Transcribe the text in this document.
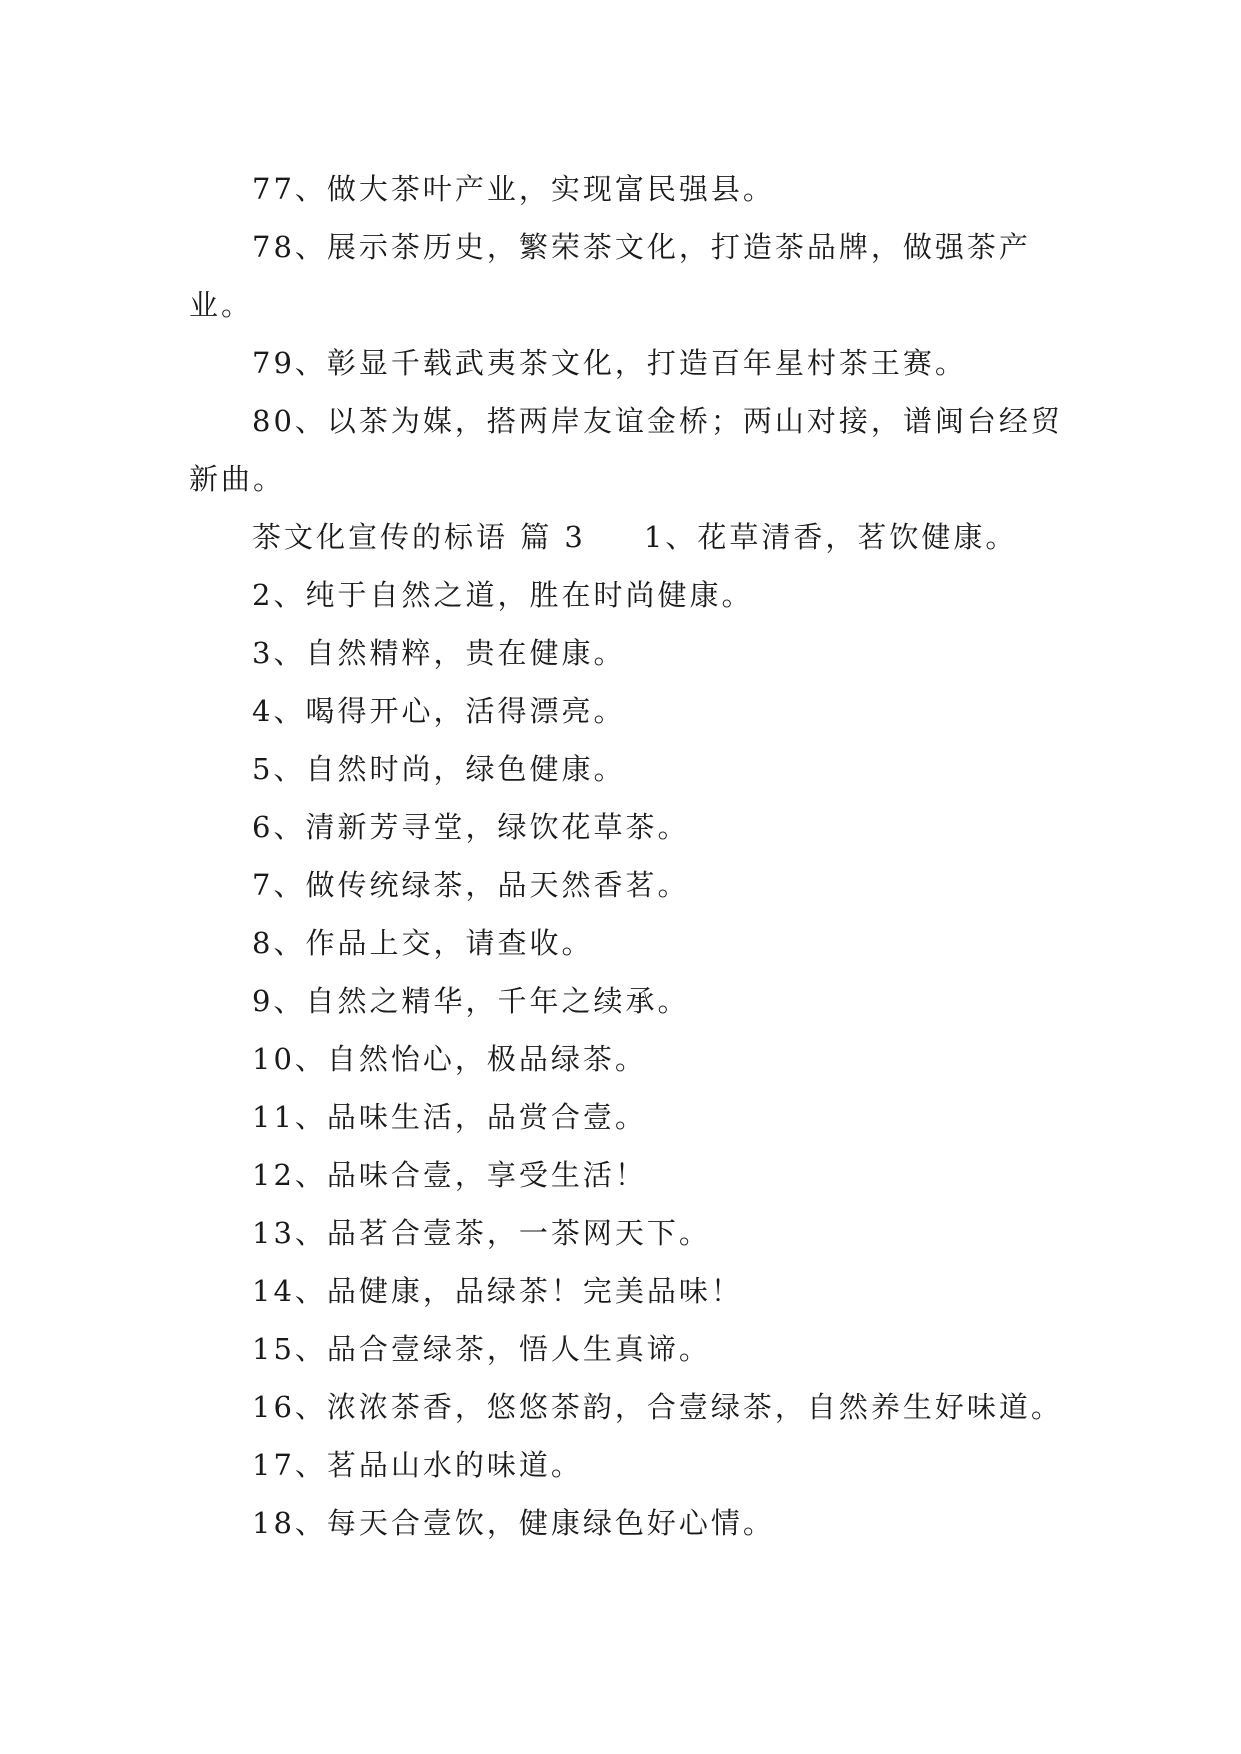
77、做大茶叶产业，实现富民强县。

78、展示茶历史，繁荣茶文化，打造茶品牌，做强茶产业。

79、彰显千载武夷茶文化，打造百年星村茶王赛。

80、以茶为媒，搭两岸友谊金桥；两山对接，谱闽台经贸新曲。

茶文化宣传的标语 篇 3 1、花草清香，茗饮健康。

2、纯于自然之道，胜在时尚健康。

3、自然精粹，贵在健康。

4、喝得开心，活得漂亮。

5、自然时尚，绿色健康。

6、清新芳寻堂，绿饮花草茶。

7、做传统绿茶，品天然香茗。

8、作品上交，请查收。

9、自然之精华，千年之续承。

10、自然怡心，极品绿茶。

11、品味生活，品赏合壹。

12、品味合壹，享受生活！

13、品茗合壹茶，一茶网天下。

14、品健康，品绿茶！完美品味！

15、品合壹绿茶，悟人生真谛。

16、浓浓茶香，悠悠茶韵，合壹绿茶，自然养生好味道。

17、茗品山水的味道。

18、每天合壹饮，健康绿色好心情。
